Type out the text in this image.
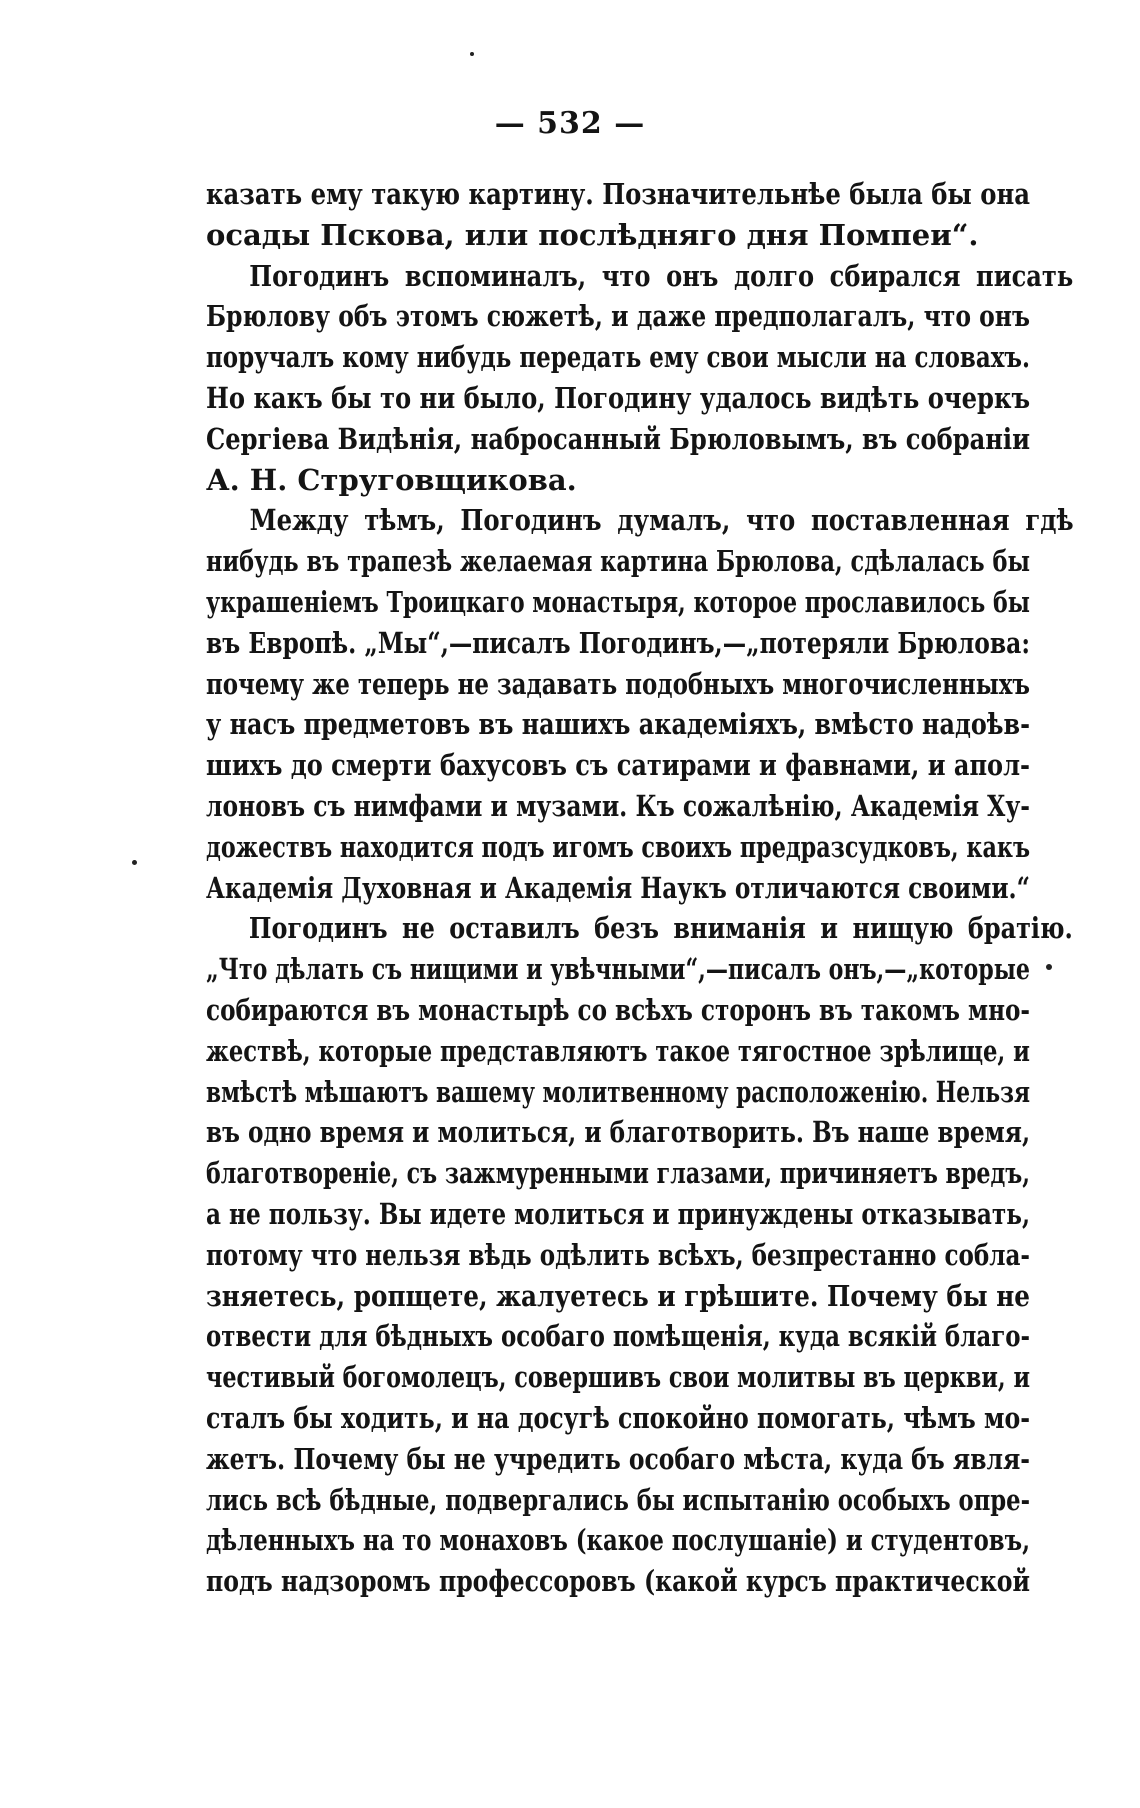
— 532 —
казать ему такую картину. Позначительнѣе была бы она
осады Пскова, или послѣдняго дня Помпеи“.
Погодинъ вспоминалъ, что онъ долго сбирался писать
Брюлову объ этомъ сюжетѣ, и даже предполагалъ, что онъ
поручалъ кому нибудь передать ему свои мысли на словахъ.
Но какъ бы то ни было, Погодину удалось видѣть очеркъ
Сергіева Видѣнія, набросанный Брюловымъ, въ собраніи
А. Н. Струговщикова.
Между тѣмъ, Погодинъ думалъ, что поставленная гдѣ
нибудь въ трапезѣ желаемая картина Брюлова, сдѣлалась бы
украшеніемъ Троицкаго монастыря, которое прославилось бы
въ Европѣ. „Мы“,—писалъ Погодинъ,—„потеряли Брюлова:
почему же теперь не задавать подобныхъ многочисленныхъ
у насъ предметовъ въ нашихъ академіяхъ, вмѣсто надоѣв-
шихъ до смерти бахусовъ съ сатирами и фавнами, и апол-
лоновъ съ нимфами и музами. Къ сожалѣнію, Академія Ху-
дожествъ находится подъ игомъ своихъ предразсудковъ, какъ
Академія Духовная и Академія Наукъ отличаются своими.“
Погодинъ не оставилъ безъ вниманія и нищую братію.
„Что дѣлать съ нищими и увѣчными“,—писалъ онъ,—„которые
собираются въ монастырѣ со всѣхъ сторонъ въ такомъ мно-
жествѣ, которые представляютъ такое тягостное зрѣлище, и
вмѣстѣ мѣшаютъ вашему молитвенному расположенію. Нельзя
въ одно время и молиться, и благотворить. Въ наше время,
благотвореніе, съ зажмуренными глазами, причиняетъ вредъ,
а не пользу. Вы идете молиться и принуждены отказывать,
потому что нельзя вѣдь одѣлить всѣхъ, безпрестанно собла-
зняетесь, ропщете, жалуетесь и грѣшите. Почему бы не
отвести для бѣдныхъ особаго помѣщенія, куда всякій благо-
честивый богомолецъ, совершивъ свои молитвы въ церкви, и
сталъ бы ходить, и на досугѣ спокойно помогать, чѣмъ мо-
жетъ. Почему бы не учредить особаго мѣста, куда бъ явля-
лись всѣ бѣдные, подвергались бы испытанію особыхъ опре-
дѣленныхъ на то монаховъ (какое послушаніе) и студентовъ,
подъ надзоромъ профессоровъ (какой курсъ практической
